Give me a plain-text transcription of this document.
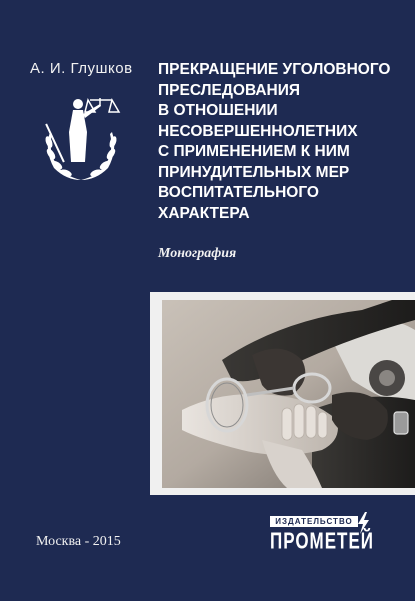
А. И. Глушков ПРЕКРАЩЕНИЕ УГОЛОВНОГО
ПРЕСЛЕДОВАНИЯ
В ОТНОШЕНИИ
НЕСОВЕРШЕННОЛЕТНИХ
С ПРИМЕНЕНИЕМ К НИМ
ПРИНУДИТЕЛЬНЫХ МЕР
ВОСПИТАТЕЛЬНОГО
ХАРАКТЕРА
Монография
Москва - 2015
ИЗДАТЕЛЬСТВО
ПРОМЕТЕЙ
